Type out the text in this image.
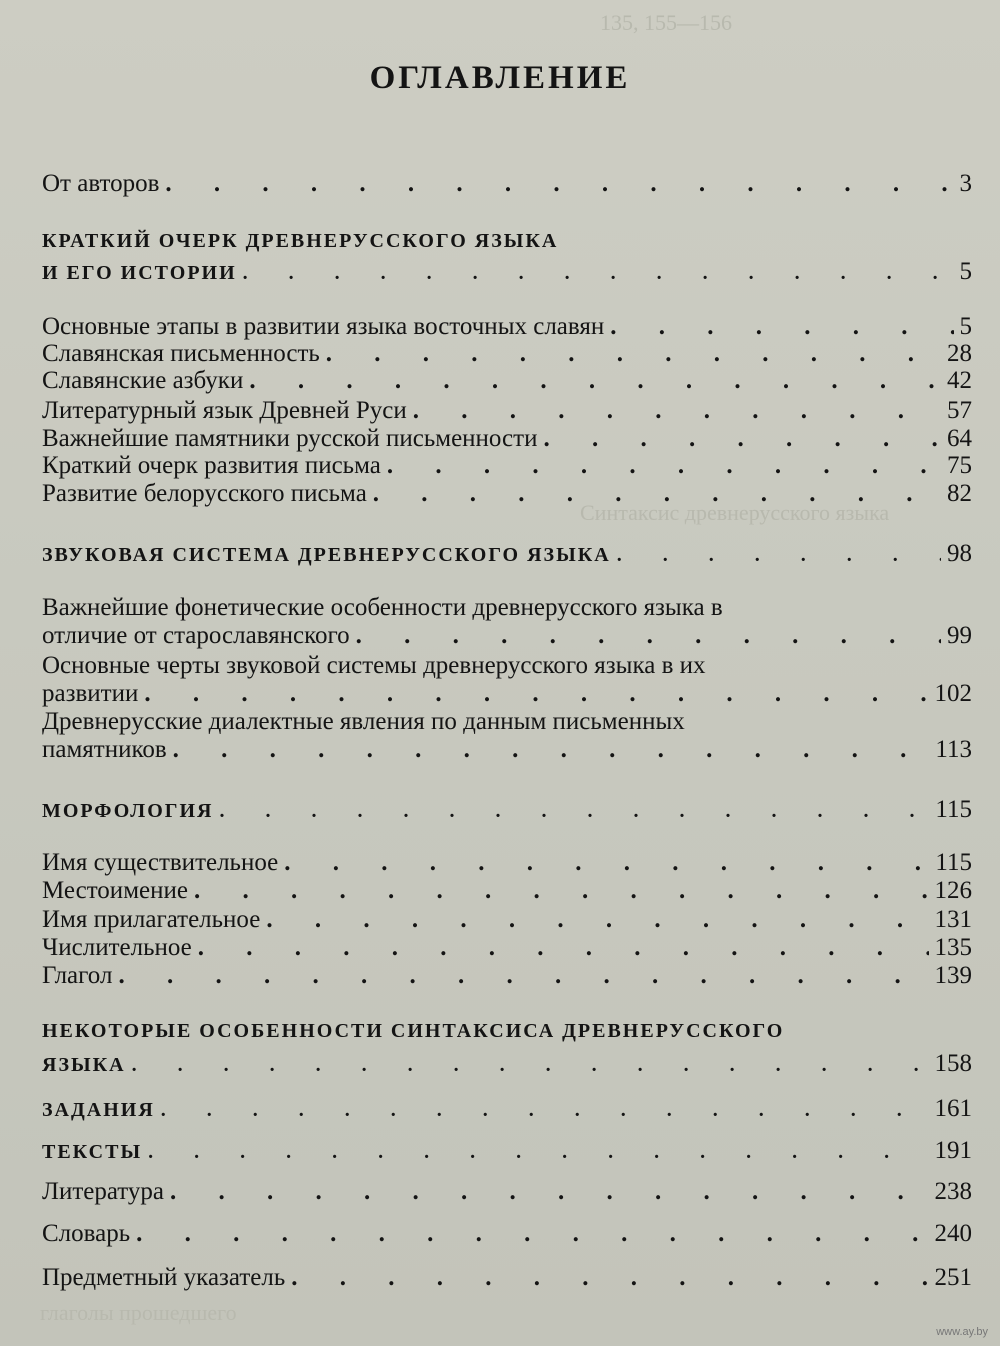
135, 155—156
Синтаксис древнерусского языка
глаголы прошедшего
ОГЛАВЛЕНИЕ
От авторов . . .	3
КРАТКИЙ ОЧЕРК ДРЕВНЕРУССКОГО ЯЗЫКА
И ЕГО ИСТОРИИ . . .	5
Основные этапы в развитии языка восточных славян . . .	5
Славянская письменность . . .	28
Славянские азбуки . . .	42
Литературный язык Древней Руси . . .	57
Важнейшие памятники русской письменности . . .	64
Краткий очерк развития письма . . .	75
Развитие белорусского письма . . .	82
ЗВУКОВАЯ СИСТЕМА ДРЕВНЕРУССКОГО ЯЗЫКА . . .	98
Важнейшие фонетические особенности древнерусского языка в
отличие от старославянского . . .	99
Основные черты звуковой системы древнерусского языка в их
развитии . . .	102
Древнерусские диалектные явления по данным письменных
памятников . . .	113
МОРФОЛОГИЯ . . .	115
Имя существительное . . .	115
Местоимение . . .	126
Имя прилагательное . . .	131
Числительное . . .	135
Глагол . . .	139
НЕКОТОРЫЕ ОСОБЕННОСТИ СИНТАКСИСА ДРЕВНЕРУССКОГО
ЯЗЫКА . . .	158
ЗАДАНИЯ . . .	161
ТЕКСТЫ . . .	191
Литература . . .	238
Словарь . . .	240
Предметный указатель . . .	251
www.ay.by
